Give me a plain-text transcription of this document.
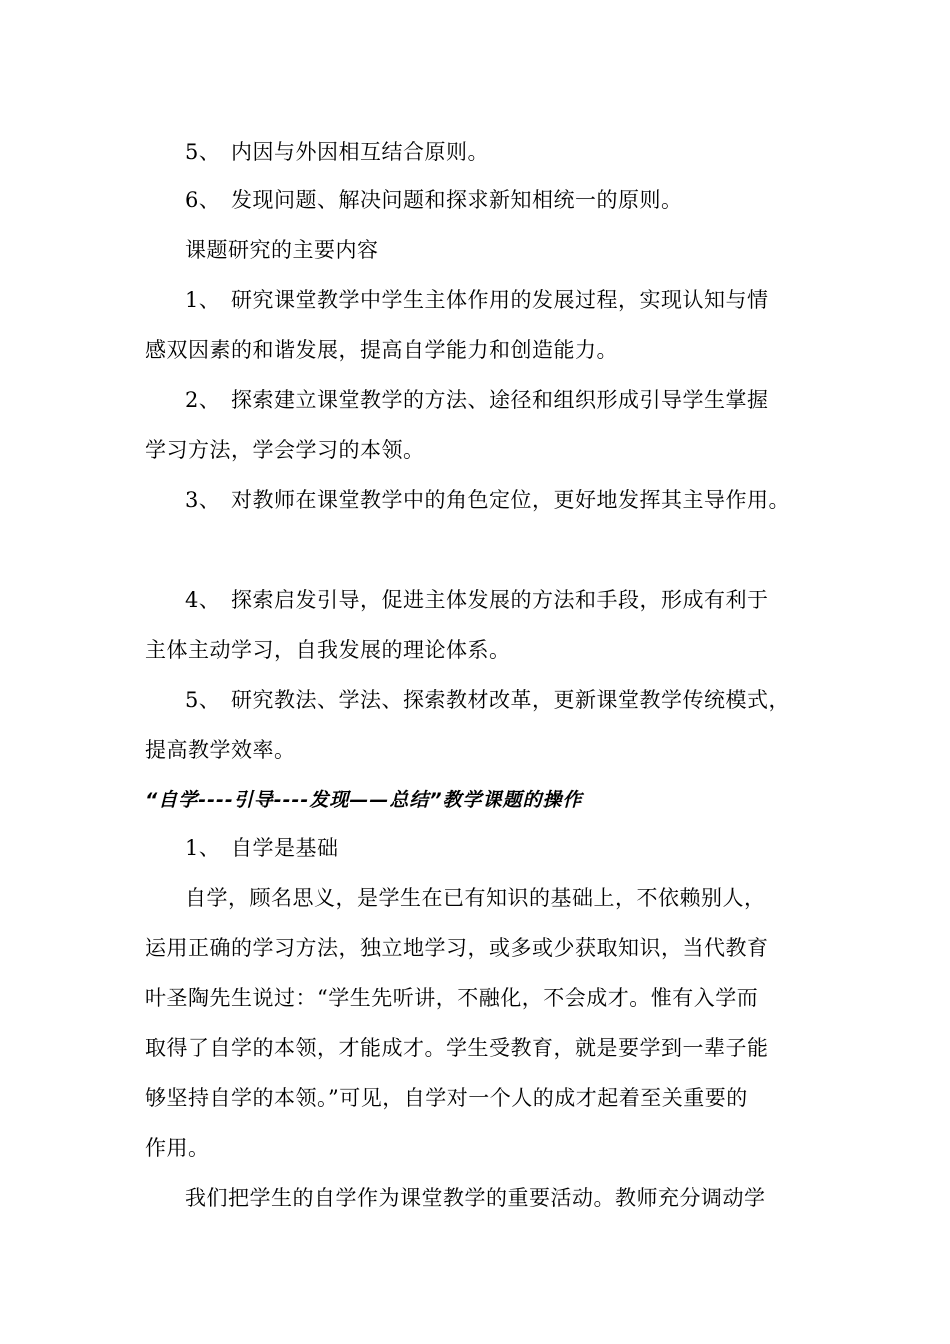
5、 内因与外因相互结合原则。
6、 发现问题、解决问题和探求新知相统一的原则。
课题研究的主要内容
1、 研究课堂教学中学生主体作用的发展过程，实现认知与情
感双因素的和谐发展，提高自学能力和创造能力。
2、 探索建立课堂教学的方法、途径和组织形成引导学生掌握
学习方法，学会学习的本领。
3、 对教师在课堂教学中的角色定位，更好地发挥其主导作用。
4、 探索启发引导，促进主体发展的方法和手段，形成有利于
主体主动学习，自我发展的理论体系。
5、 研究教法、学法、探索教材改革，更新课堂教学传统模式，
提高教学效率。
“自学----引导----发现——总结”教学课题的操作
1、 自学是基础
自学，顾名思义，是学生在已有知识的基础上，不依赖别人，
运用正确的学习方法，独立地学习，或多或少获取知识，当代教育
叶圣陶先生说过：“学生先听讲，不融化，不会成才。惟有入学而
取得了自学的本领，才能成才。学生受教育，就是要学到一辈子能
够坚持自学的本领。”可见，自学对一个人的成才起着至关重要的
作用。
我们把学生的自学作为课堂教学的重要活动。教师充分调动学
